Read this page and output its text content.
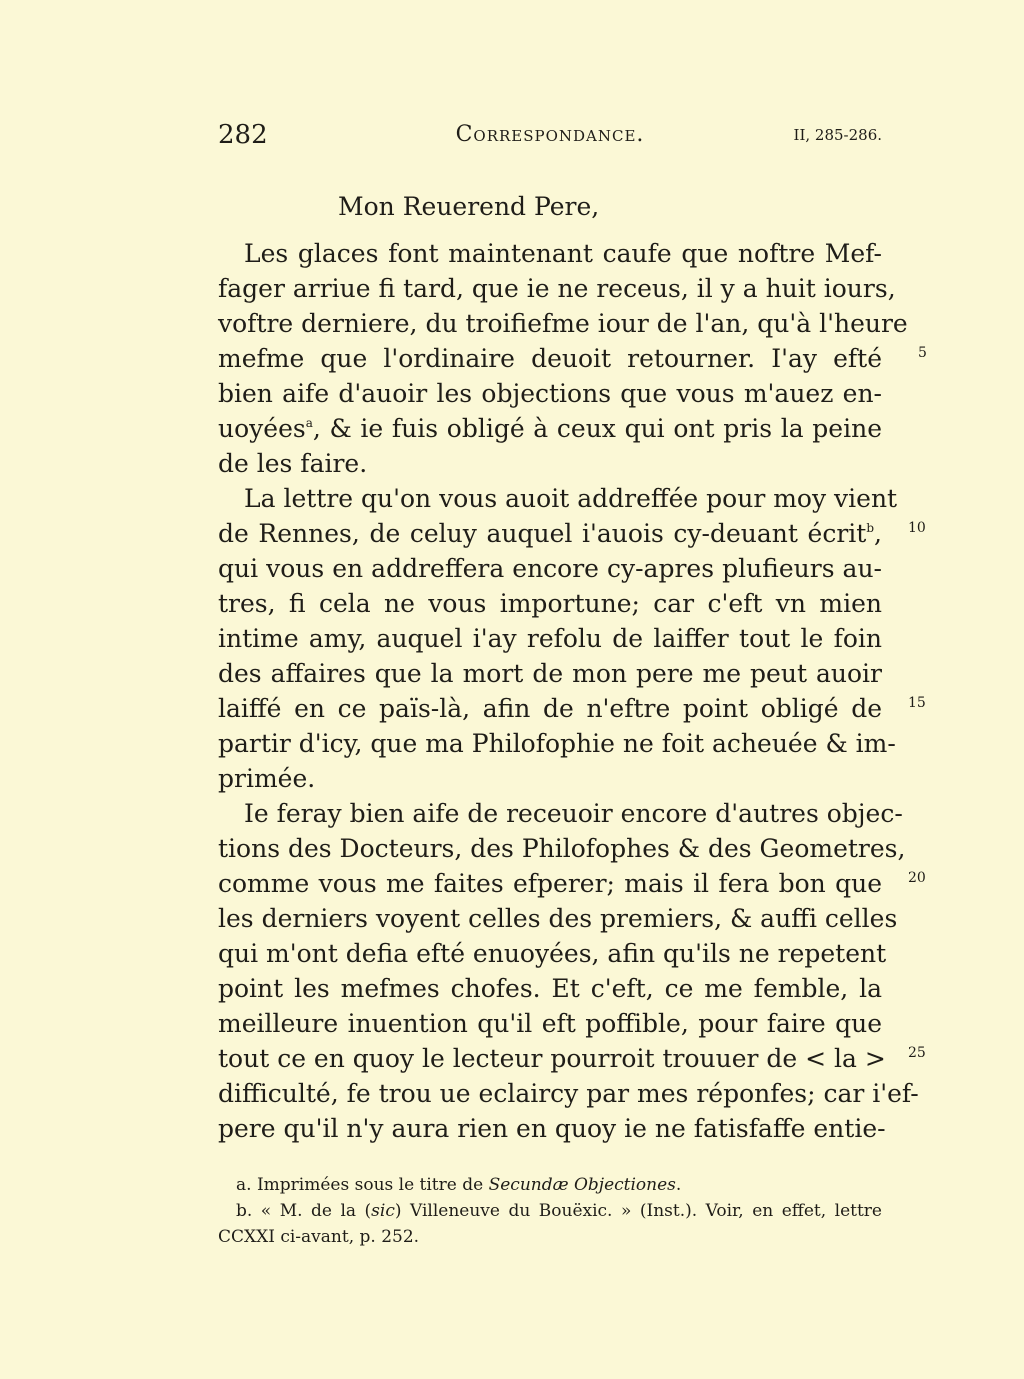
282	Correspondance.	II, 285-286.
Mon Reuerend Pere,
Les glaces font maintenant caufe que noftre Mef-
fager arriue fi tard, que ie ne receus, il y a huit iours,
voftre derniere, du troifiefme iour de l'an, qu'à l'heure
mefme que l'ordinaire deuoit retourner. I'ay efté
bien aife d'auoir les objections que vous m'auez en-
uoyées$^a$, & ie fuis obligé à ceux qui ont pris la peine
de les faire.
La lettre qu'on vous auoit addreffée pour moy vient
de Rennes, de celuy auquel i'auois cy-deuant écrit$^b$,
qui vous en addreffera encore cy-apres plufieurs au-
tres, fi cela ne vous importune; car c'eft vn mien
intime amy, auquel i'ay refolu de laiffer tout le foin
des affaires que la mort de mon pere me peut auoir
laiffé en ce païs-là, afin de n'eftre point obligé de
partir d'icy, que ma Philofophie ne foit acheuée & im-
primée.
Ie feray bien aife de receuoir encore d'autres objec-
tions des Docteurs, des Philofophes & des Geometres,
comme vous me faites efperer; mais il fera bon que
les derniers voyent celles des premiers, & auffi celles
qui m'ont defia efté enuoyées, afin qu'ils ne repetent
point les mefmes chofes. Et c'eft, ce me femble, la
meilleure inuention qu'il eft poffible, pour faire que
tout ce en quoy le lecteur pourroit trouuer de < la >
difficulté, fe trou ue eclaircy par mes réponfes; car i'ef-
pere qu'il n'y aura rien en quoy ie ne fatisfaffe entie-
5
10
15
20
25
a. Imprimées sous le titre de Secundæ Objectiones.
b. « M. de la (sic) Villeneuve du Bouëxic. » (Inst.). Voir, en effet, lettre
CCXXI ci-avant, p. 252.
